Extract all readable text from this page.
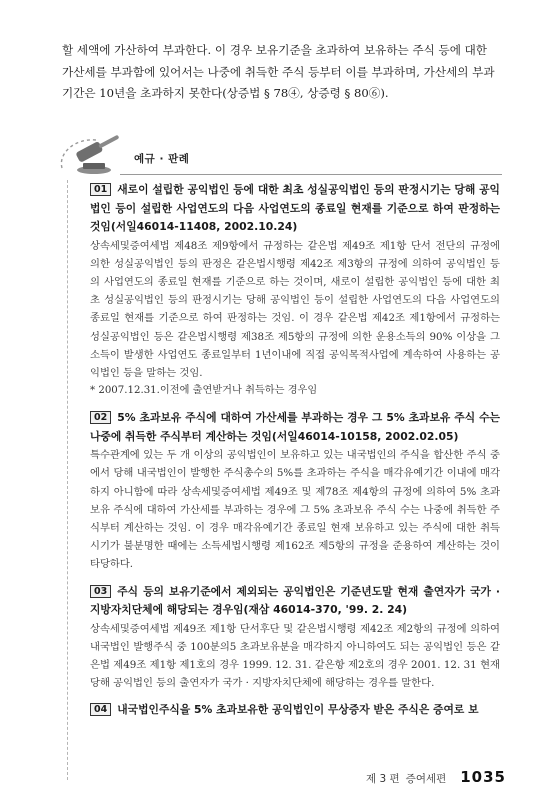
할 세액에 가산하여 부과한다. 이 경우 보유기준을 초과하여 보유하는 주식 등에 대한

가산세를 부과함에 있어서는 나중에 취득한 주식 등부터 이를 부과하며, 가산세의 부과

기간은 10년을 초과하지 못한다(상증법 § 78④, 상증령 § 80⑥).

예규 · 판례

01 새로이 설립한 공익법인 등에 대한 최초 성실공익법인 등의 판정시기는 당해 공익법인 등이 설립한 사업연도의 다음 사업연도의 종료일 현재를 기준으로 하여 판정하는 것임(서일46014-11408, 2002.10.24)

상속세및증여세법 제48조 제9항에서 규정하는 같은법 제49조 제1항 단서 전단의 규정에 의한 성실공익법인 등의 판정은 같은법시행령 제42조 제3항의 규정에 의하여 공익법인 등의 사업연도의 종료일 현재를 기준으로 하는 것이며, 새로이 설립한 공익법인 등에 대한 최초 성실공익법인 등의 판정시기는 당해 공익법인 등이 설립한 사업연도의 다음 사업연도의 종료일 현재를 기준으로 하여 판정하는 것임. 이 경우 같은법 제42조 제1항에서 규정하는 성실공익법인 등은 같은법시행령 제38조 제5항의 규정에 의한 운용소득의 90% 이상을 그 소득이 발생한 사업연도 종료일부터 1년이내에 직접 공익목적사업에 계속하여 사용하는 공익법인 등을 말하는 것임.

* 2007.12.31.이전에 출연받거나 취득하는 경우임

02 5% 초과보유 주식에 대하여 가산세를 부과하는 경우 그 5% 초과보유 주식 수는 나중에 취득한 주식부터 계산하는 것임(서일46014-10158, 2002.02.05)

특수관계에 있는 두 개 이상의 공익법인이 보유하고 있는 내국법인의 주식을 합산한 주식 중에서 당해 내국법인이 발행한 주식총수의 5%를 초과하는 주식을 매각유예기간 이내에 매각하지 아니함에 따라 상속세및증여세법 제49조 및 제78조 제4항의 규정에 의하여 5% 초과보유 주식에 대하여 가산세를 부과하는 경우에 그 5% 초과보유 주식 수는 나중에 취득한 주식부터 계산하는 것임. 이 경우 매각유예기간 종료일 현재 보유하고 있는 주식에 대한 취득시기가 불분명한 때에는 소득세법시행령 제162조 제5항의 규정을 준용하여 계산하는 것이 타당하다.

03 주식 등의 보유기준에서 제외되는 공익법인은 기준년도말 현재 출연자가 국가 · 지방자치단체에 해당되는 경우임(재삼 46014-370, '99. 2. 24)

상속세및증여세법 제49조 제1항 단서후단 및 같은법시행령 제42조 제2항의 규정에 의하여 내국법인 발행주식 중 100분의5 초과보유분을 매각하지 아니하여도 되는 공익법인 등은 같은법 제49조 제1항 제1호의 경우 1999. 12. 31. 같은항 제2호의 경우 2001. 12. 31 현재 당해 공익법인 등의 출연자가 국가 · 지방자치단체에 해당하는 경우를 말한다.

04 내국법인주식을 5% 초과보유한 공익법인이 무상증자 받은 주식은 증여로 보

제 3 편 증여세편 1035
